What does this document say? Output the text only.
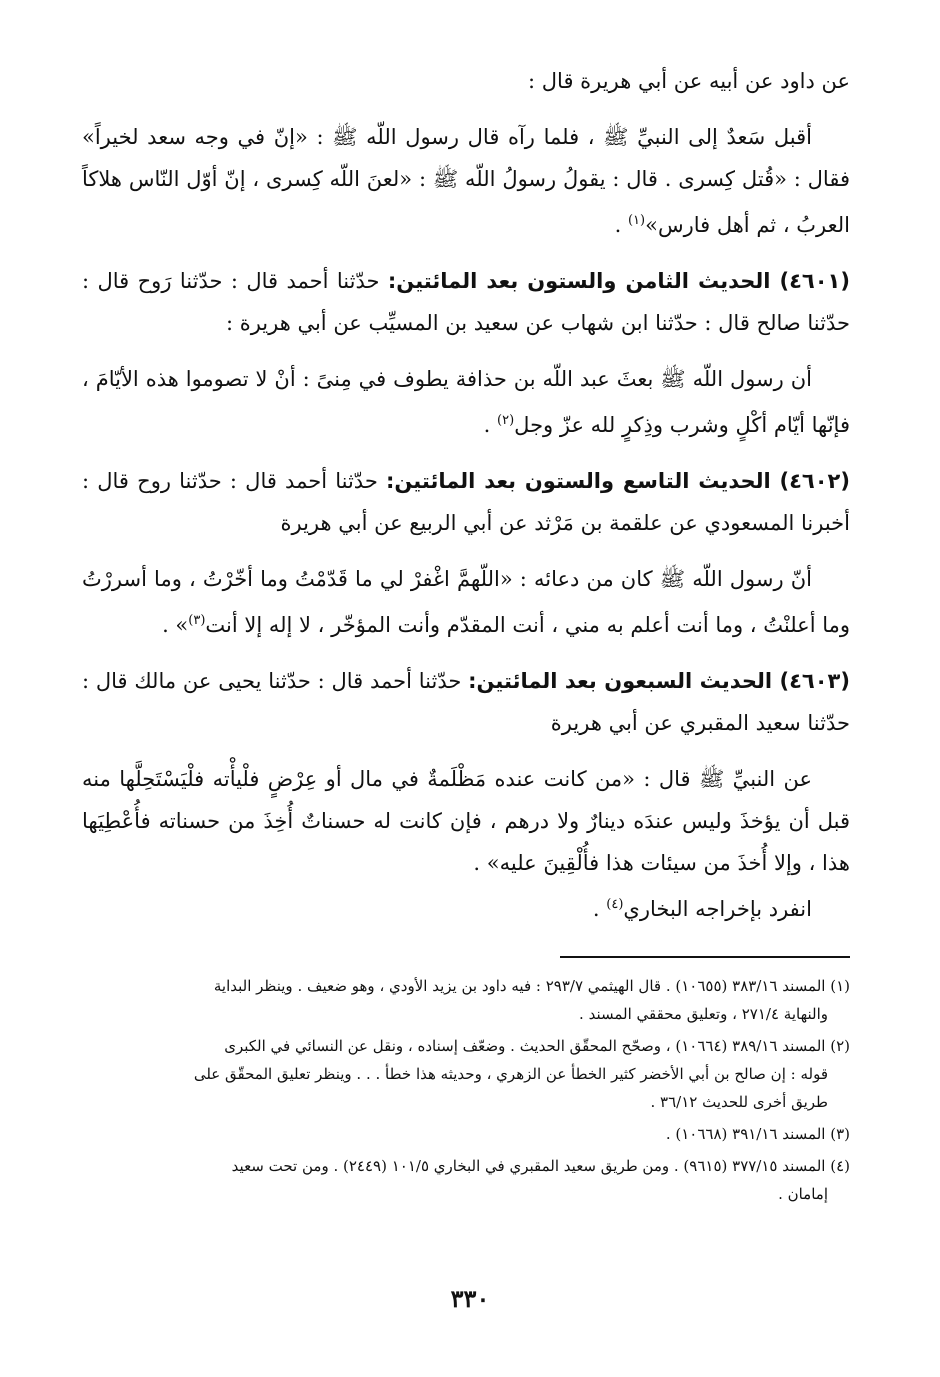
عن داود عن أبيه عن أبي هريرة قال :

أقبل سَعدٌ إلى النبيِّ ﷺ ، فلما رآه قال رسول اللّه ﷺ : «إنّ في وجه سعد لخيراً» فقال : «قُتل كِسرى . قال : يقولُ رسولُ اللّه ﷺ : «لعنَ اللّه كِسرى ، إنّ أوّل النّاس هلاكاً العربُ ، ثم أهل فارس»$^{(١)}$ .

(٤٦٠١) الحديث الثامن والستون بعد المائتين: حدّثنا أحمد قال : حدّثنا رَوح قال : حدّثنا صالح قال : حدّثنا ابن شهاب عن سعيد بن المسيِّب عن أبي هريرة :

أن رسول اللّه ﷺ بعثَ عبد اللّه بن حذافة يطوف في مِنىً : أنْ لا تصوموا هذه الأيّامَ ، فإنّها أيّام أكْلٍ وشرب وذِكرٍ لله عزّ وجل$^{(٢)}$ .

(٤٦٠٢) الحديث التاسع والستون بعد المائتين: حدّثنا أحمد قال : حدّثنا روح قال : أخبرنا المسعودي عن علقمة بن مَرْثد عن أبي الربيع عن أبي هريرة

أنّ رسول اللّه ﷺ كان من دعائه : «اللّهمَّ اغْفرْ لي ما قَدّمْتُ وما أخّرْتُ ، وما أسررْتُ وما أعلنْتُ ، وما أنت أعلم به مني ، أنت المقدّم وأنت المؤخّر ، لا إله إلا أنت$^{(٣)}$» .

(٤٦٠٣) الحديث السبعون بعد المائتين: حدّثنا أحمد قال : حدّثنا يحيى عن مالك قال : حدّثنا سعيد المقبري عن أبي هريرة

عن النبيِّ ﷺ قال : «من كانت عنده مَظْلَمةٌ في مال أو عِرْضٍ فلْيأْته فلْيَسْتَحِلَّها منه قبل أن يؤخذَ وليس عندَه دينارٌ ولا درهم ، فإن كانت له حسناتٌ أُخِذَ من حسناته فأُعْطِيَها هذا ، وإلا أُخذَ من سيئات هذا فأُلْقِينَ عليه» .

انفرد بإخراجه البخاري$^{(٤)}$ .

(١) المسند ٣٨٣/١٦ (١٠٦٥٥) . قال الهيثمي ٢٩٣/٧ : فيه داود بن يزيد الأودي ، وهو ضعيف . وينظر البداية
والنهاية ٢٧١/٤ ، وتعليق محققي المسند .

(٢) المسند ٣٨٩/١٦ (١٠٦٦٤) ، وصحّح المحقّق الحديث . وضعّف إسناده ، ونقل عن النسائي في الكبرى
قوله : إن صالح بن أبي الأخضر كثير الخطأ عن الزهري ، وحديثه هذا خطأ . . . وينظر تعليق المحقّق على
طريق أخرى للحديث ٣٦/١٢ .

(٣) المسند ٣٩١/١٦ (١٠٦٦٨) .

(٤) المسند ٣٧٧/١٥ (٩٦١٥) . ومن طريق سعيد المقبري في البخاري ١٠١/٥ (٢٤٤٩) . ومن تحت سعيد
إمامان .

٣٣٠
